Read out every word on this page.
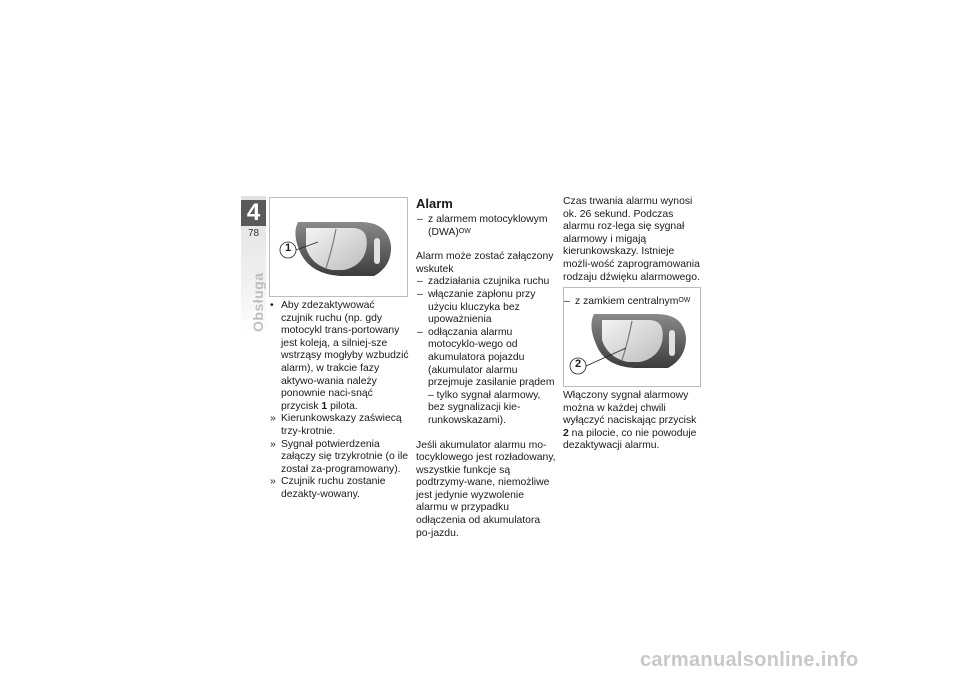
4
78
Obsługa
1
2
• Aby zdezaktywować czujnik ruchu (np. gdy motocykl trans-portowany jest koleją, a silniej-sze wstrząsy mogłyby wzbudzić alarm), w trakcie fazy aktywo-wania należy ponownie naci-snąć przycisk 1 pilota.
» Kierunkowskazy zaświecą trzy-krotnie.
» Sygnał potwierdzenia załączy się trzykrotnie (o ile został za-programowany).
» Czujnik ruchu zostanie dezakty-wowany.
Alarm
– z alarmem motocyklowym (DWA)$^{OW}$
Alarm może zostać załączony wskutek
– zadziałania czujnika ruchu
– włączanie zapłonu przy użyciu kluczyka bez upoważnienia
– odłączania alarmu motocyklo-wego od akumulatora pojazdu (akumulator alarmu przejmuje zasilanie prądem – tylko sygnał alarmowy, bez sygnalizacji kie-runkowskazami).
Jeśli akumulator alarmu mo-tocyklowego jest rozładowany, wszystkie funkcje są podtrzymy-wane, niemożliwe jest jedynie wyzwolenie alarmu w przypadku odłączenia od akumulatora po-jazdu.
Czas trwania alarmu wynosi ok. 26 sekund. Podczas alarmu roz-lega się sygnał alarmowy i migają kierunkowskazy. Istnieje możli-wość zaprogramowania rodzaju dźwięku alarmowego.
– z zamkiem centralnym$^{OW}$
Włączony sygnał alarmowy można w każdej chwili wyłączyć naciskając przycisk 2 na pilocie, co nie powoduje dezaktywacji alarmu.
carmanualsonline.info
